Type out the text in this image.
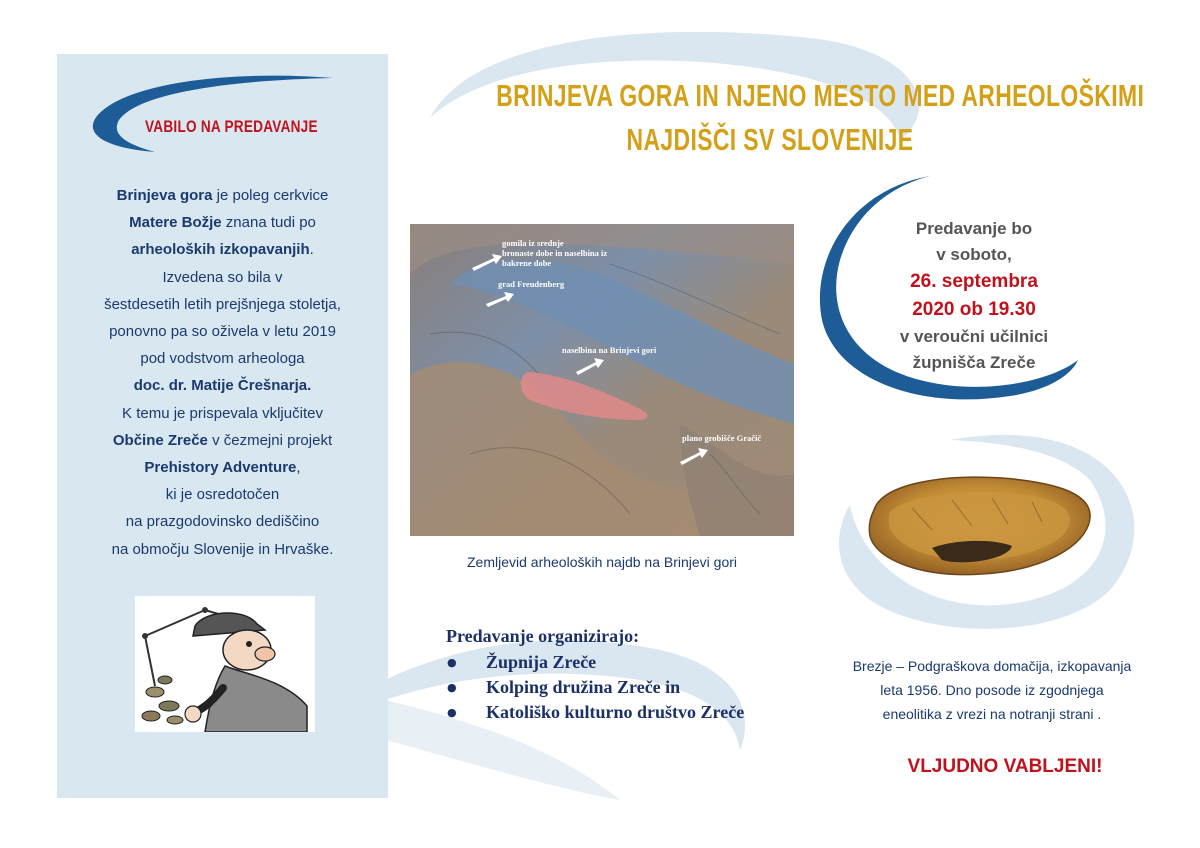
VABILO NA PREDAVANJE
Brinjeva gora je poleg cerkvice
Matere Božje znana tudi po
arheoloških izkopavanjih.
Izvedena so bila v
šestdesetih letih prejšnjega stoletja,
ponovno pa so oživela v letu 2019
pod vodstvom arheologa
doc. dr. Matije Črešnarja.
K temu je prispevala vključitev
Občine Zreče v čezmejni projekt
Prehistory Adventure,
ki je osredotočen
na prazgodovinsko dediščino
na območju Slovenije in Hrvaške.
BRINJEVA GORA IN NJENO MESTO MED ARHEOLOŠKIMI
NAJDIŠČI SV SLOVENIJE
gomila iz srednje
bronaste dobe in naselbina iz
bakrene dobe
grad Freudenberg
naselbina na Brinjevi gori
plano grobišče Gračič
Zemljevid arheoloških najdb na Brinjevi gori
Predavanje bo
v soboto,
26. septembra
2020 ob 19.30
v veroučni učilnici
župnišča Zreče
Brezje – Podgraškova domačija, izkopavanja
leta 1956. Dno posode iz zgodnjega
eneolitika z vrezi na notranji strani .
VLJUDNO VABLJENI!
Predavanje organizirajo:
● Župnija Zreče
● Kolping družina Zreče in
● Katoliško kulturno društvo Zreče
